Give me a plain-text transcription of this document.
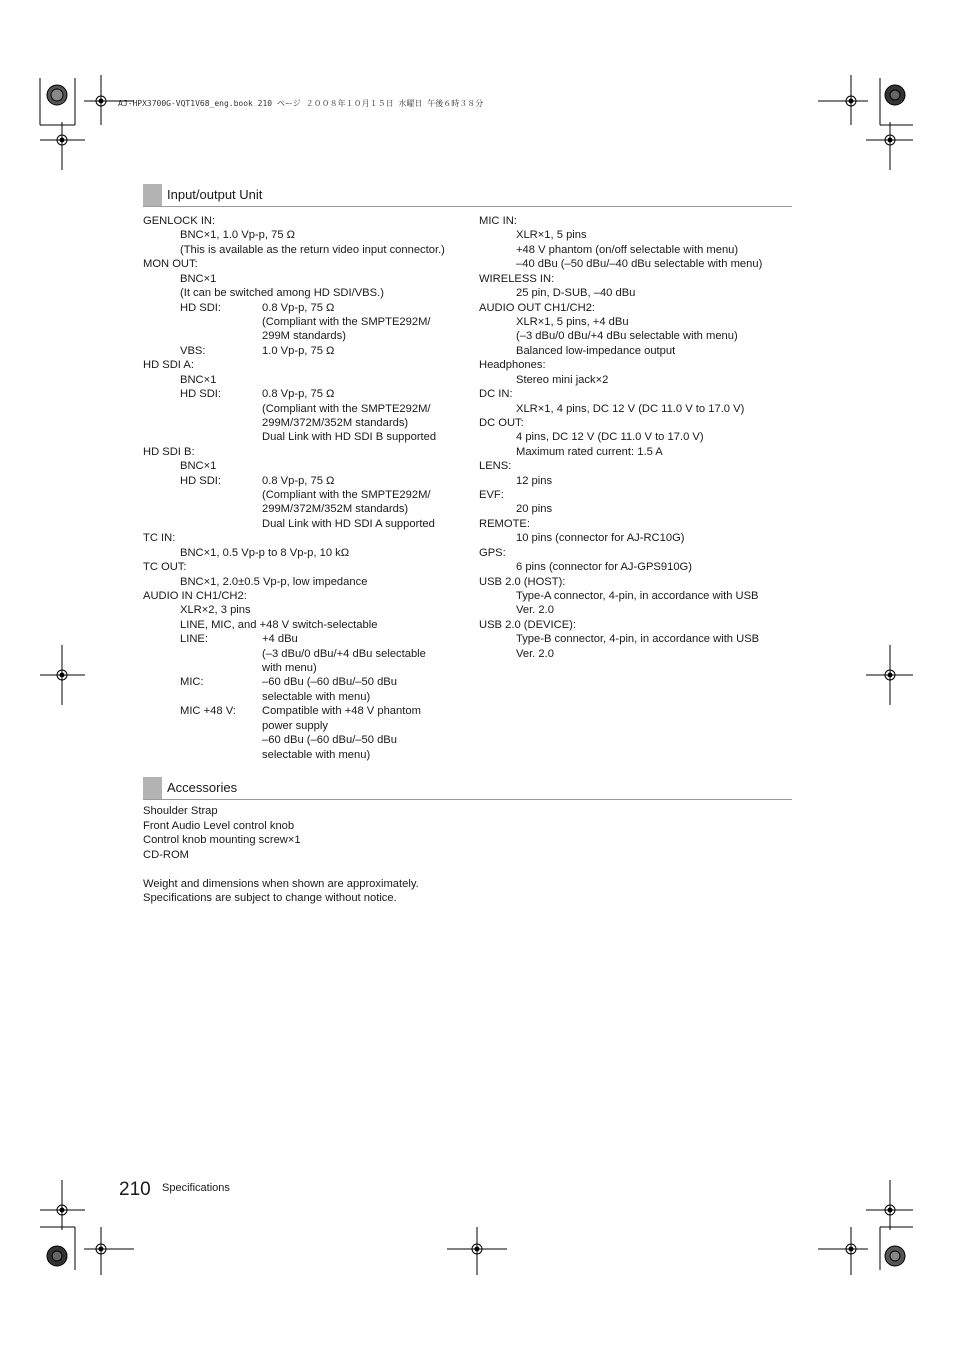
AJ-HPX3700G-VQT1V68_eng.book 210 ページ ２００８年１０月１５日 水曜日 午後６時３８分
Input/output Unit
GENLOCK IN:
BNC×1, 1.0 Vp-p, 75 Ω
(This is available as the return video input connector.)
MON OUT:
BNC×1
(It can be switched among HD SDI/VBS.)
HD SDI:	0.8 Vp-p, 75 Ω
(Compliant with the SMPTE292M/
299M standards)
VBS:	1.0 Vp-p, 75 Ω
HD SDI A:
BNC×1
HD SDI:	0.8 Vp-p, 75 Ω
(Compliant with the SMPTE292M/
299M/372M/352M standards)
Dual Link with HD SDI B supported
HD SDI B:
BNC×1
HD SDI:	0.8 Vp-p, 75 Ω
(Compliant with the SMPTE292M/
299M/372M/352M standards)
Dual Link with HD SDI A supported
TC IN:
BNC×1, 0.5 Vp-p to 8 Vp-p, 10 kΩ
TC OUT:
BNC×1, 2.0±0.5 Vp-p, low impedance
AUDIO IN CH1/CH2:
XLR×2, 3 pins
LINE, MIC, and +48 V switch-selectable
LINE:	+4 dBu
(–3 dBu/0 dBu/+4 dBu selectable
with menu)
MIC:	–60 dBu (–60 dBu/–50 dBu
selectable with menu)
MIC +48 V: Compatible with +48 V phantom
power supply
–60 dBu (–60 dBu/–50 dBu
selectable with menu)
MIC IN:
XLR×1, 5 pins
+48 V phantom (on/off selectable with menu)
–40 dBu (–50 dBu/–40 dBu selectable with menu)
WIRELESS IN:
25 pin, D-SUB, –40 dBu
AUDIO OUT CH1/CH2:
XLR×1, 5 pins, +4 dBu
(–3 dBu/0 dBu/+4 dBu selectable with menu)
Balanced low-impedance output
Headphones:
Stereo mini jack×2
DC IN:
XLR×1, 4 pins, DC 12 V (DC 11.0 V to 17.0 V)
DC OUT:
4 pins, DC 12 V (DC 11.0 V to 17.0 V)
Maximum rated current: 1.5 A
LENS:
12 pins
EVF:
20 pins
REMOTE:
10 pins (connector for AJ-RC10G)
GPS:
6 pins (connector for AJ-GPS910G)
USB 2.0 (HOST):
Type-A connector, 4-pin, in accordance with USB
Ver. 2.0
USB 2.0 (DEVICE):
Type-B connector, 4-pin, in accordance with USB
Ver. 2.0
Accessories
Shoulder Strap
Front Audio Level control knob
Control knob mounting screw×1
CD-ROM
Weight and dimensions when shown are approximately.
Specifications are subject to change without notice.
210 Specifications
